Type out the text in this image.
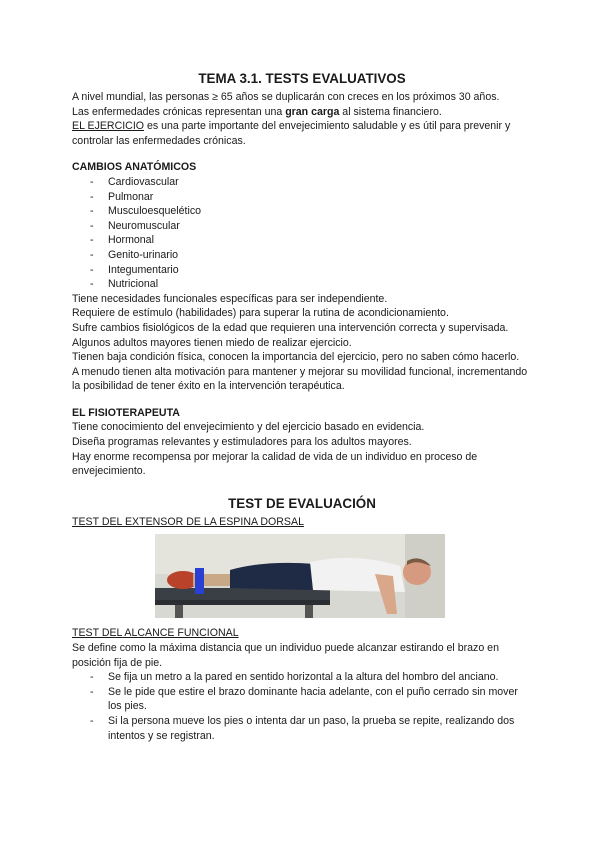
TEMA 3.1. TESTS EVALUATIVOS

A nivel mundial, las personas ≥ 65 años se duplicarán con creces en los próximos 30 años.

Las enfermedades crónicas representan una gran carga al sistema financiero.

EL EJERCICIO es una parte importante del envejecimiento saludable y es útil para prevenir y controlar las enfermedades crónicas.

CAMBIOS ANATÓMICOS

- Cardiovascular
- Pulmonar
- Musculoesquelético
- Neuromuscular
- Hormonal
- Genito-urinario
- Integumentario
- Nutricional

Tiene necesidades funcionales específicas para ser independiente.

Requiere de estímulo (habilidades) para superar la rutina de acondicionamiento.

Sufre cambios fisiológicos de la edad que requieren una intervención correcta y supervisada.

Algunos adultos mayores tienen miedo de realizar ejercicio.

Tienen baja condición física, conocen la importancia del ejercicio, pero no saben cómo hacerlo.

A menudo tienen alta motivación para mantener y mejorar su movilidad funcional, incrementando la posibilidad de tener éxito en la intervención terapéutica.

EL FISIOTERAPEUTA

Tiene conocimiento del envejecimiento y del ejercicio basado en evidencia.

Diseña programas relevantes y estimuladores para los adultos mayores.

Hay enorme recompensa por mejorar la calidad de vida de un individuo en proceso de envejecimiento.

TEST DE EVALUACIÓN

TEST DEL EXTENSOR DE LA ESPINA DORSAL

TEST DEL ALCANCE FUNCIONAL

Se define como la máxima distancia que un individuo puede alcanzar estirando el brazo en posición fija de pie.

- Se fija un metro a la pared en sentido horizontal a la altura del hombro del anciano.
- Se le pide que estire el brazo dominante hacia adelante, con el puño cerrado sin mover los pies.
- Si la persona mueve los pies o intenta dar un paso, la prueba se repite, realizando dos intentos y se registran.
